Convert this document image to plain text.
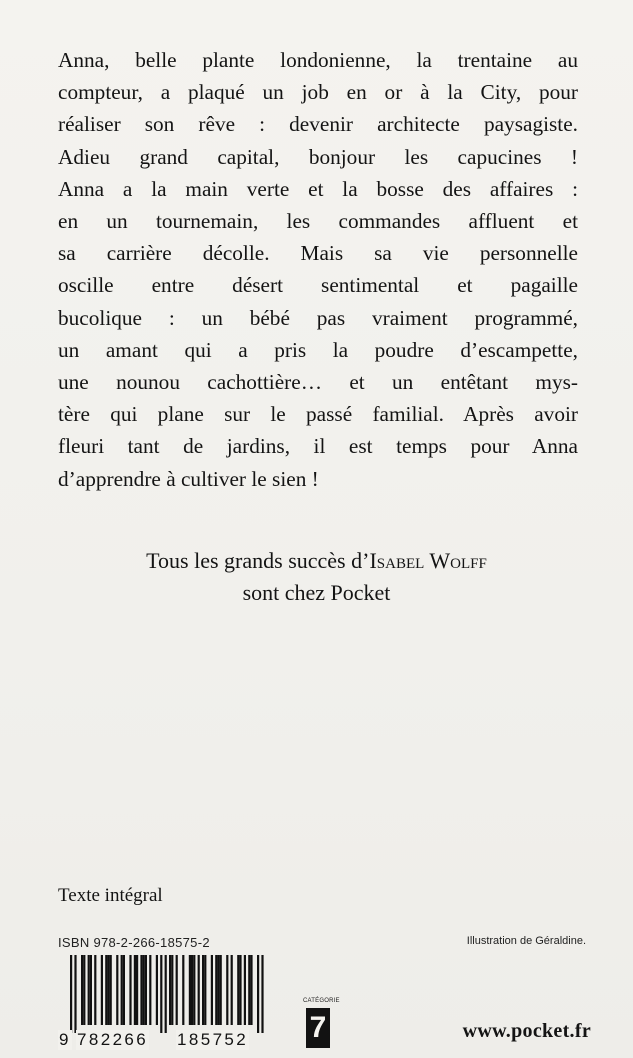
Anna, belle plante londonienne, la trentaine au
compteur, a plaqué un job en or à la City, pour
réaliser son rêve : devenir architecte paysagiste.
Adieu grand capital, bonjour les capucines !
Anna a la main verte et la bosse des affaires :
en un tournemain, les commandes affluent et
sa carrière décolle. Mais sa vie personnelle
oscille entre désert sentimental et pagaille
bucolique : un bébé pas vraiment programmé,
un amant qui a pris la poudre d’escampette,
une nounou cachottière… et un entêtant mys-
tère qui plane sur le passé familial. Après avoir
fleuri tant de jardins, il est temps pour Anna
d’apprendre à cultiver le sien !

Tous les grands succès d’Isabel Wolff
sont chez Pocket
Texte intégral
ISBN 978-2-266-18575-2	Illustration de Géraldine.
9 782266 185752
CATÉGORIE
7	www.pocket.fr
